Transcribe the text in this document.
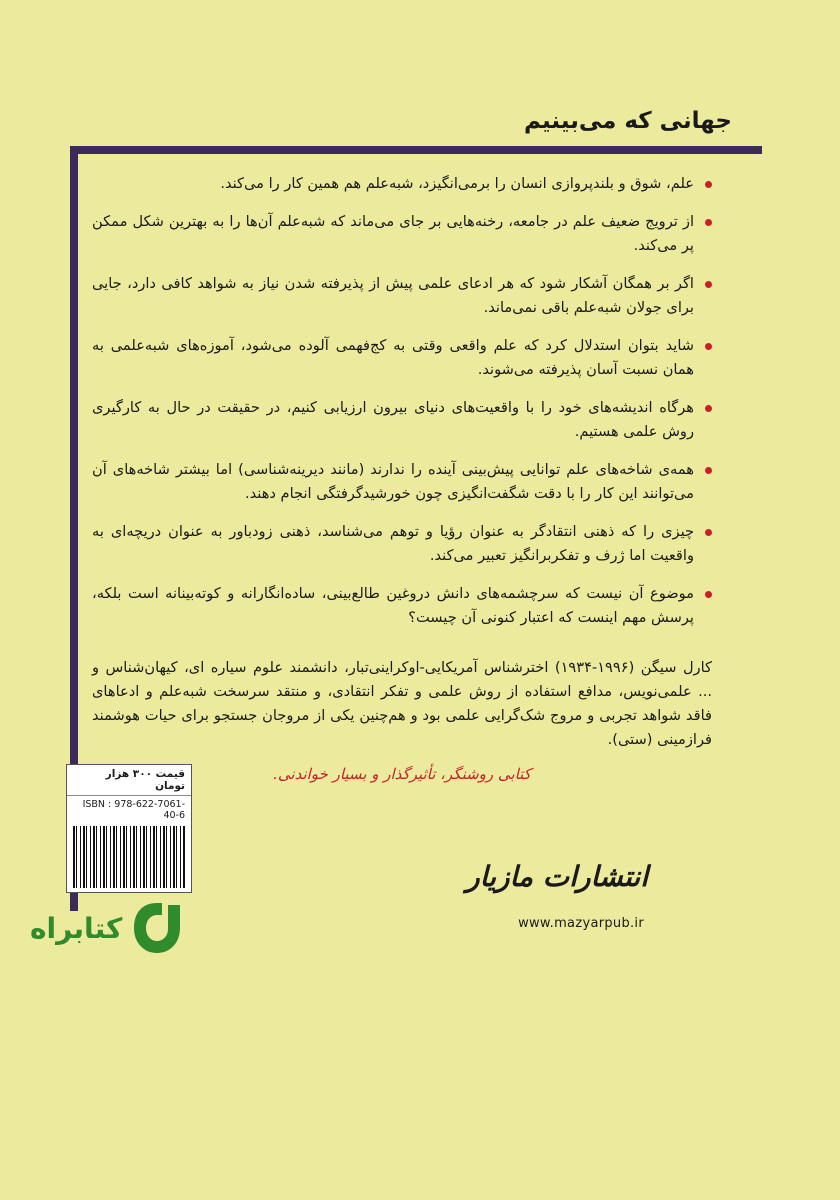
جهانی که می‌بینیم
علم، شوق و بلندپروازی انسان را برمی‌انگیزد، شبه‌علم هم همین کار را می‌کند.
از ترویج ضعیف علم در جامعه، رخنه‌هایی بر جای می‌ماند که شبه‌علم آن‌ها را به بهترین شکل ممکن پر می‌کند.
اگر بر همگان آشکار شود که هر ادعای علمی پیش از پذیرفته شدن نیاز به شواهد کافی دارد، جایی برای جولان شبه‌علم باقی نمی‌ماند.
شاید بتوان استدلال کرد که علم واقعی وقتی به کج‌فهمی آلوده می‌شود، آموزه‌های شبه‌علمی به همان نسبت آسان پذیرفته می‌شوند.
هرگاه اندیشه‌های خود را با واقعیت‌های دنیای بیرون ارزیابی کنیم، در حقیقت در حال به کارگیری روش علمی هستیم.
همه‌ی شاخه‌های علم توانایی پیش‌بینی آینده را ندارند (مانند دیرینه‌شناسی) اما بیشتر شاخه‌های آن می‌توانند این کار را با دقت شگفت‌انگیزی چون خورشیدگرفتگی انجام دهند.
چیزی را که ذهنی انتقادگر به عنوان رؤیا و توهم می‌شناسد، ذهنی زودباور به عنوان دریچه‌ای به واقعیت اما ژرف و تفکربرانگیز تعبیر می‌کند.
موضوع آن نیست که سرچشمه‌های دانش دروغین طالع‌بینی، ساده‌انگارانه و کوته‌بینانه است بلکه، پرسش مهم اینست که اعتبار کنونی آن چیست؟

کارل سیگن (۱۹۹۶-۱۹۳۴) اخترشناس آمریکایی-اوکراینی‌تبار، دانشمند علوم سیاره ای، کیهان‌شناس و ... علمی‌نویس، مدافع استفاده از روش علمی و تفکر انتقادی، و منتقد سرسخت شبه‌علم و ادعاهای فاقد شواهد تجربی و مروج شک‌گرایی علمی بود و هم‌چنین یکی از مروجان جستجو برای حیات هوشمند فرازمینی (ستی).

کتابی روشنگر، تأثیرگذار و بسیار خواندنی.
قیمت ۳۰۰ هزار تومان
ISBN : 978-622-7061-40-6
انتشارات مازیار
www.mazyarpub.ir
کتابراه
